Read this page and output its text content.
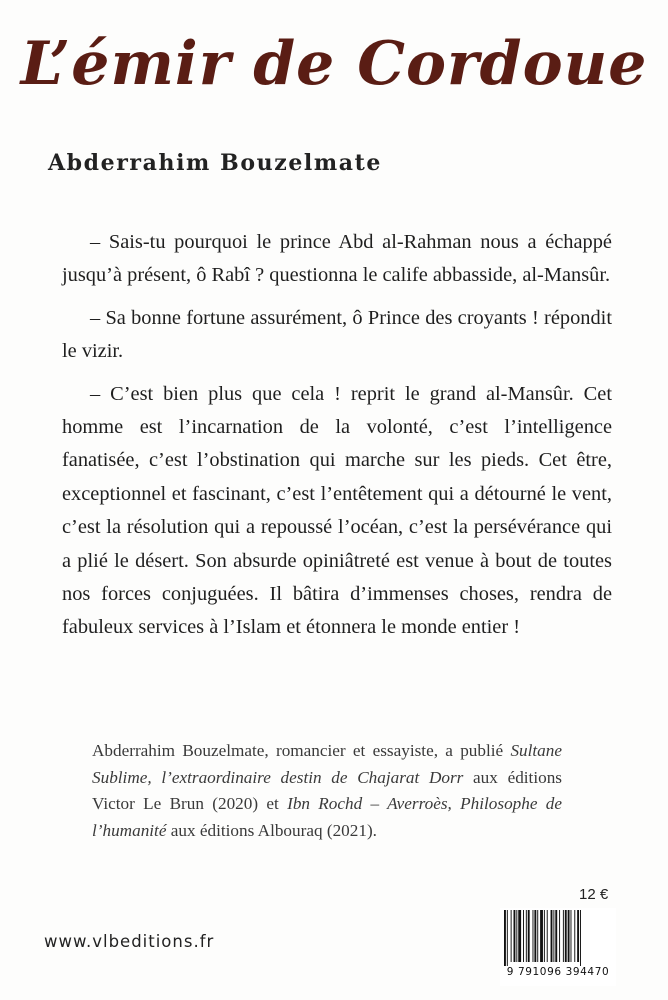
L’émir de Cordoue
Abderrahim Bouzelmate

– Sais-tu pourquoi le prince Abd al-Rahman nous a échappé jusqu’à présent, ô Rabî ? questionna le calife abbasside, al-Mansûr.

– Sa bonne fortune assurément, ô Prince des croyants ! répondit le vizir.

– C’est bien plus que cela ! reprit le grand al-Mansûr. Cet homme est l’incarnation de la volonté, c’est l’intelligence fanatisée, c’est l’obstination qui marche sur les pieds. Cet être, exceptionnel et fascinant, c’est l’entêtement qui a détourné le vent, c’est la résolution qui a repoussé l’océan, c’est la persévérance qui a plié le désert. Son absurde opiniâtreté est venue à bout de toutes nos forces conjuguées. Il bâtira d’immenses choses, rendra de fabuleux services à l’Islam et étonnera le monde entier !

Abderrahim Bouzelmate, romancier et essayiste, a publié Sultane Sublime, l’extraordinaire destin de Chajarat Dorr aux éditions Victor Le Brun (2020) et Ibn Rochd – Averroès, Philosophe de l’humanité aux éditions Albouraq (2021).
12 €
www.vlbeditions.fr
9 791096 394470
